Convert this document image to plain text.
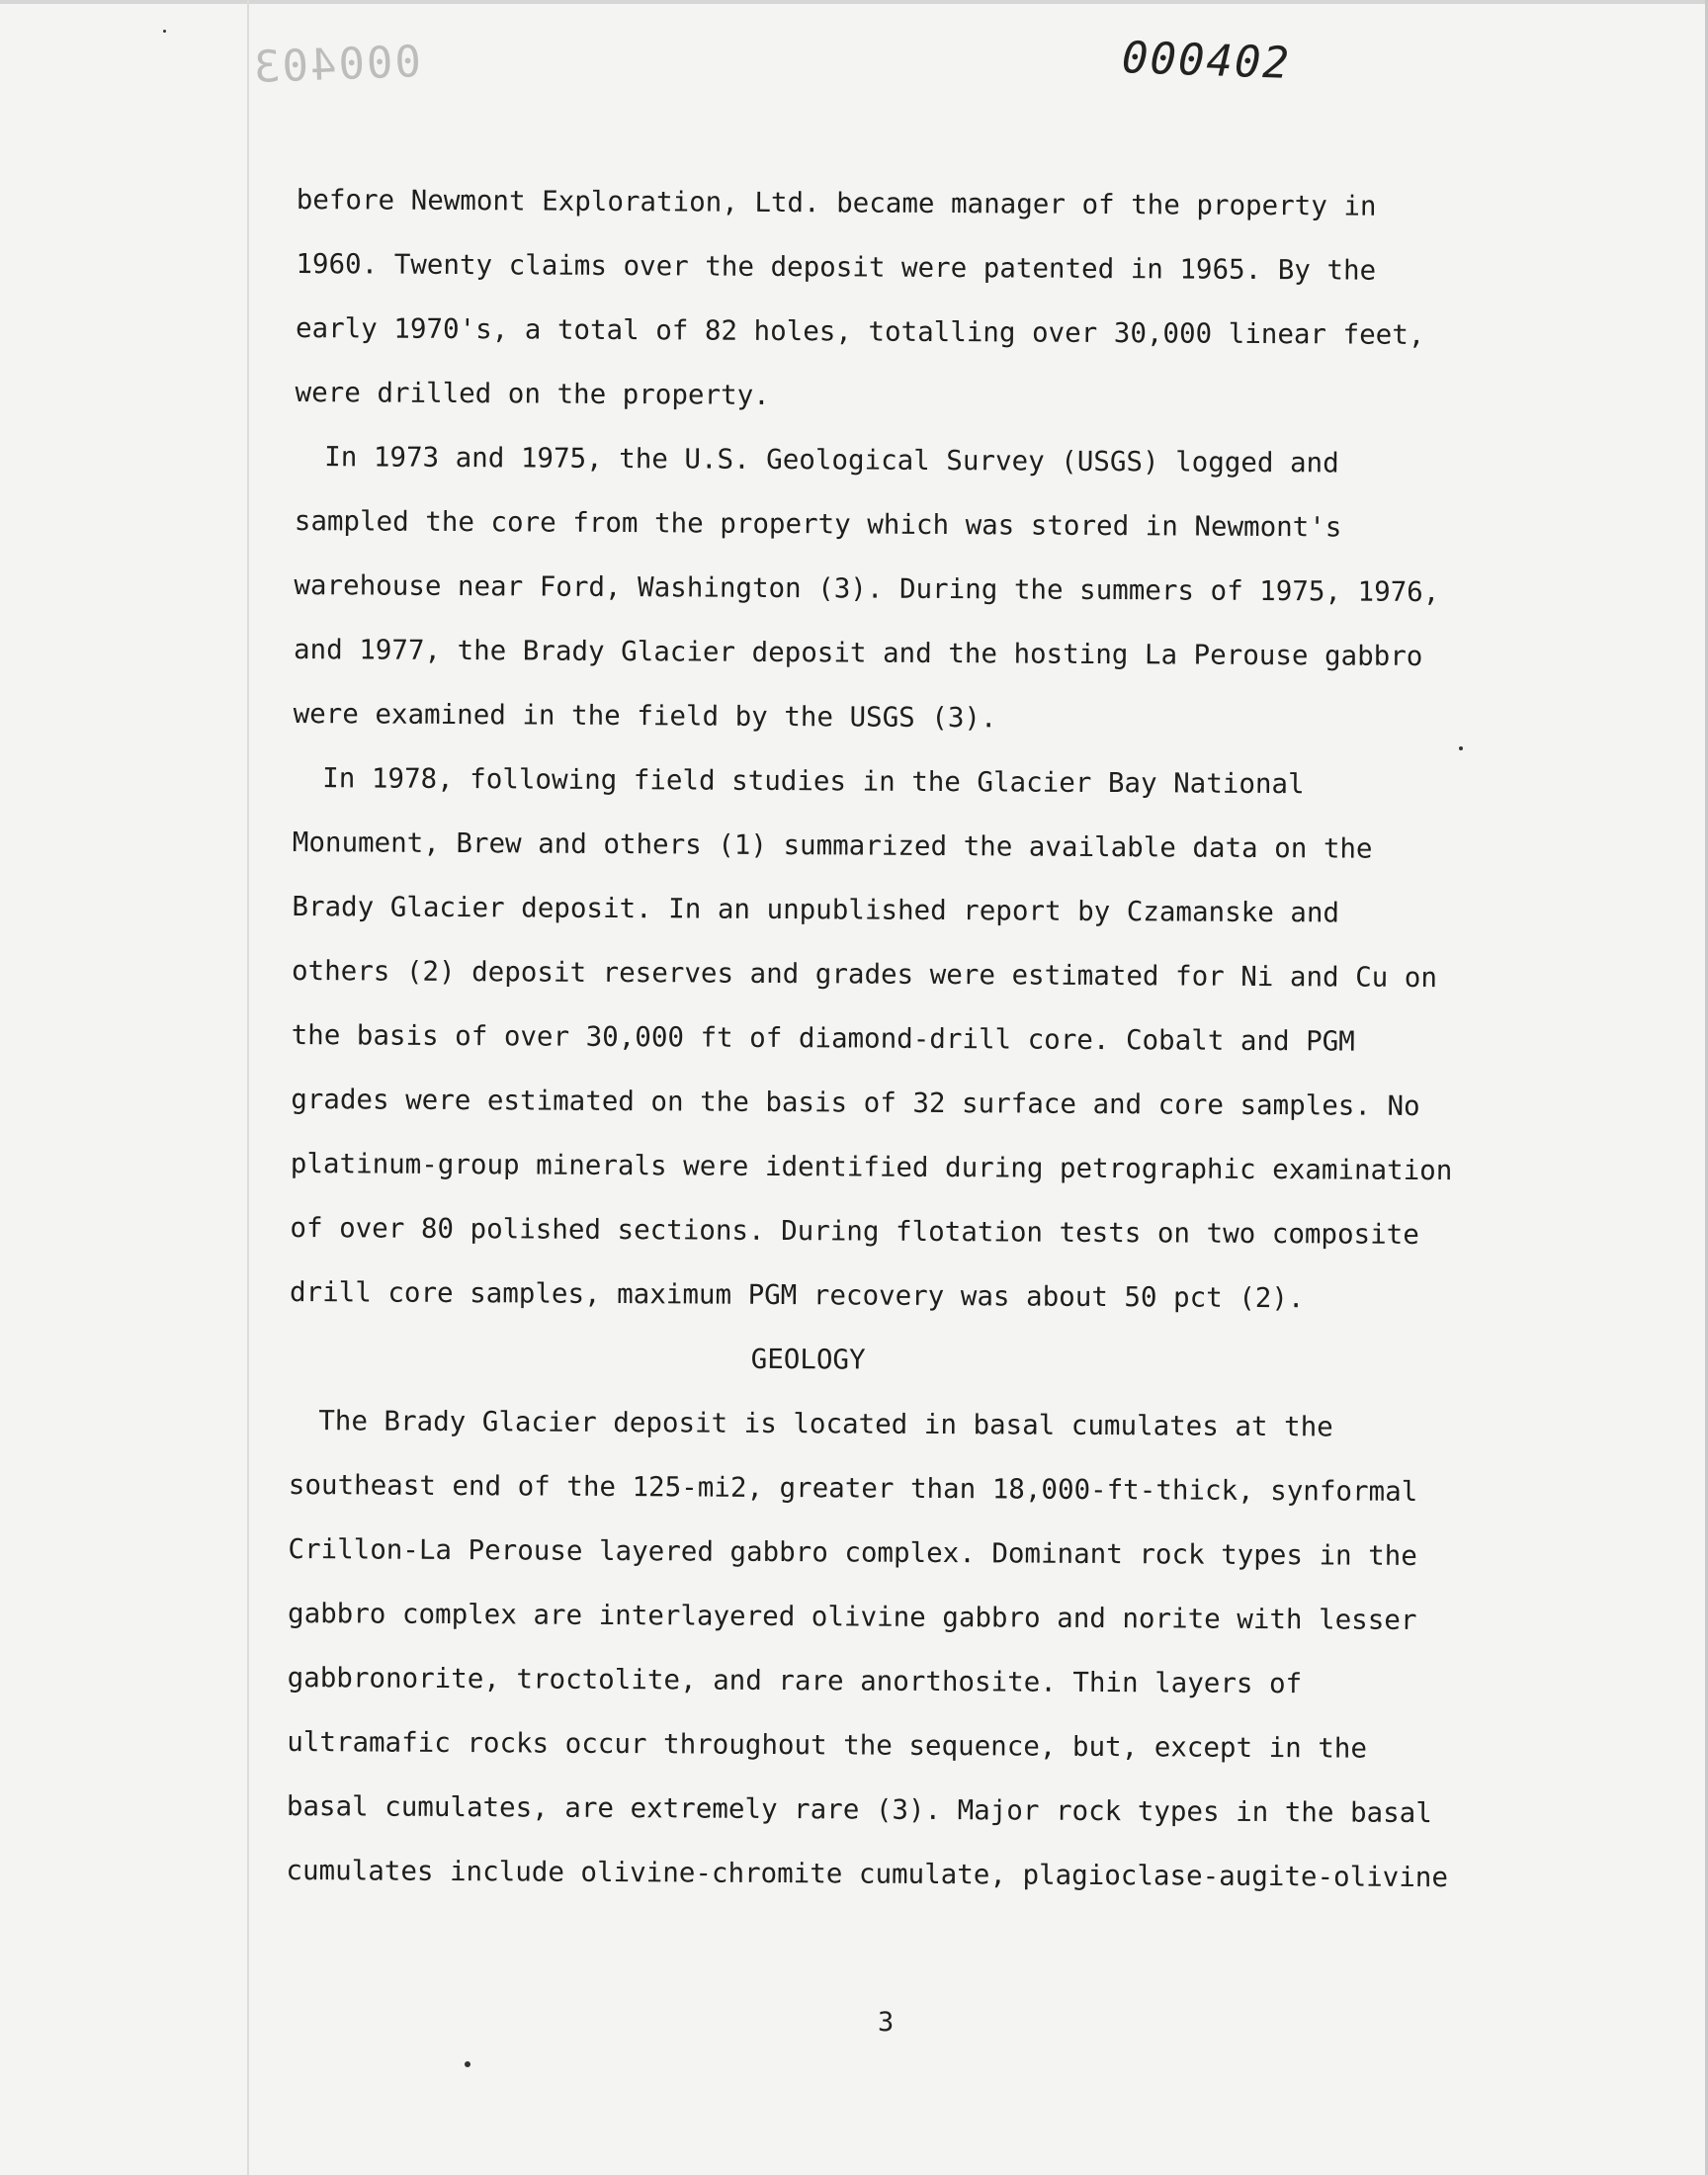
000403	000402
before Newmont Exploration, Ltd. became manager of the property in
1960. Twenty claims over the deposit were patented in 1965. By the
early 1970's, a total of 82 holes, totalling over 30,000 linear feet,
were drilled on the property.
In 1973 and 1975, the U.S. Geological Survey (USGS) logged and
sampled the core from the property which was stored in Newmont's
warehouse near Ford, Washington (3). During the summers of 1975, 1976,
and 1977, the Brady Glacier deposit and the hosting La Perouse gabbro
were examined in the field by the USGS (3).
In 1978, following field studies in the Glacier Bay National
Monument, Brew and others (1) summarized the available data on the
Brady Glacier deposit. In an unpublished report by Czamanske and
others (2) deposit reserves and grades were estimated for Ni and Cu on
the basis of over 30,000 ft of diamond-drill core. Cobalt and PGM
grades were estimated on the basis of 32 surface and core samples. No
platinum-group minerals were identified during petrographic examination
of over 80 polished sections. During flotation tests on two composite
drill core samples, maximum PGM recovery was about 50 pct (2).
GEOLOGY
The Brady Glacier deposit is located in basal cumulates at the
southeast end of the 125-mi2, greater than 18,000-ft-thick, synformal
Crillon-La Perouse layered gabbro complex. Dominant rock types in the
gabbro complex are interlayered olivine gabbro and norite with lesser
gabbronorite, troctolite, and rare anorthosite. Thin layers of
ultramafic rocks occur throughout the sequence, but, except in the
basal cumulates, are extremely rare (3). Major rock types in the basal
cumulates include olivine-chromite cumulate, plagioclase-augite-olivine
3
